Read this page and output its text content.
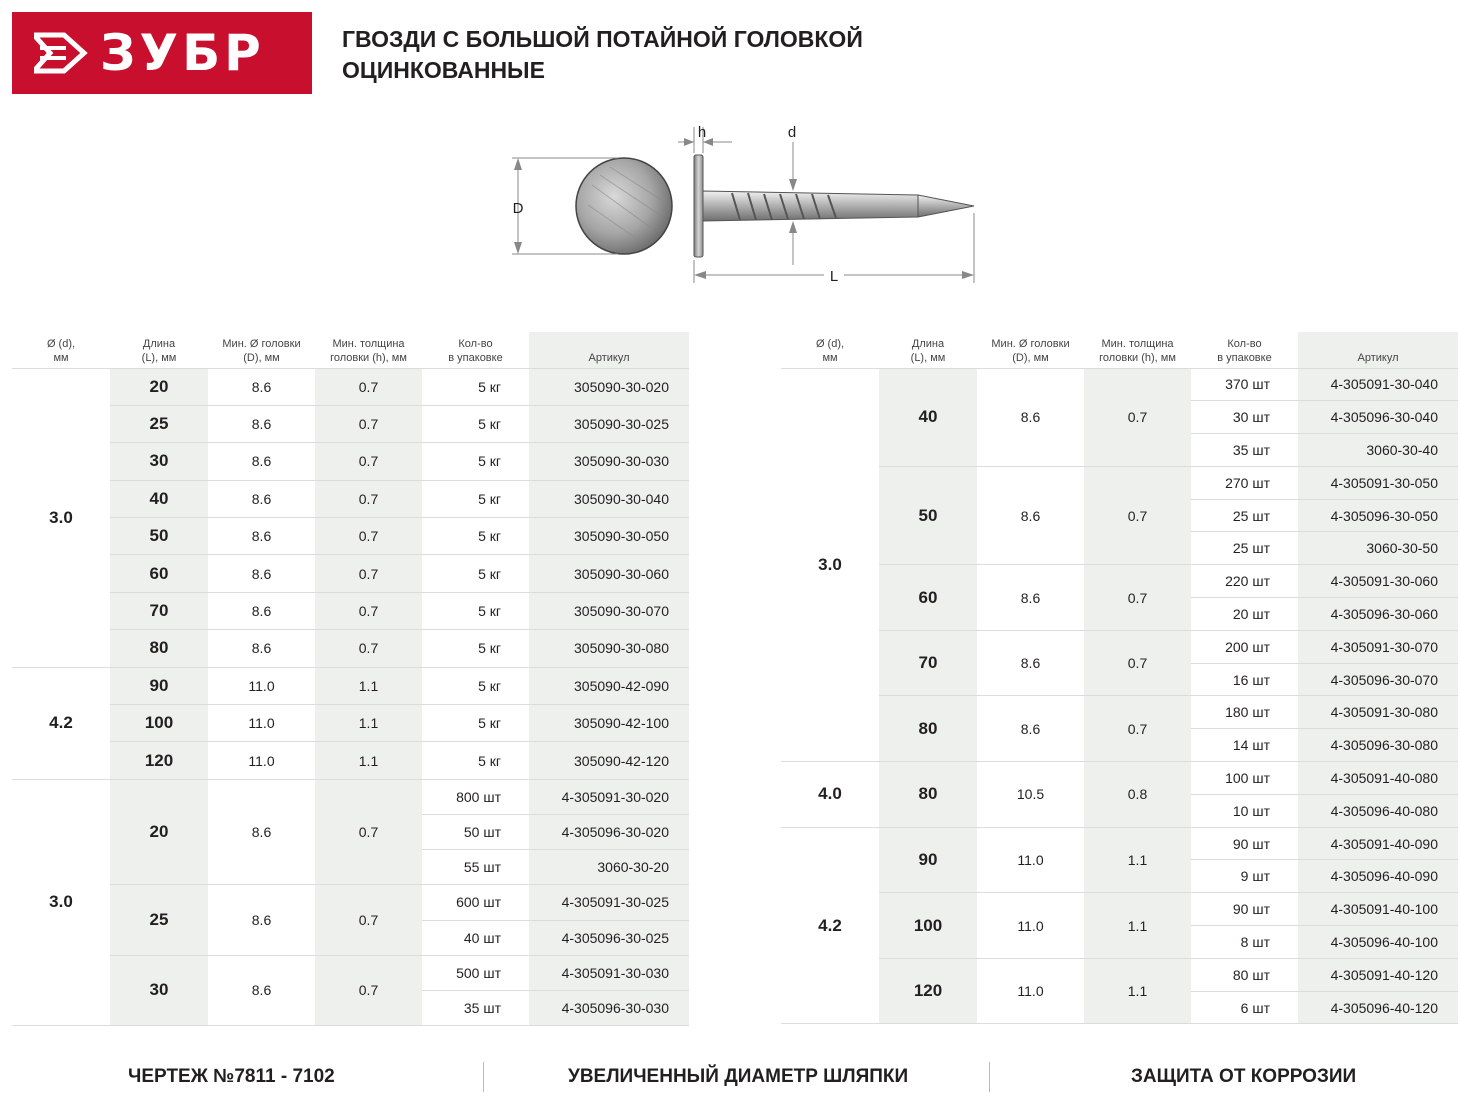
ЗУБР	ГВОЗДИ С БОЛЬШОЙ ПОТАЙНОЙ ГОЛОВКОЙ
ОЦИНКОВАННЫЕ
D
h	d
L
Ø (d),
мм	Длина
(L), мм	Мин. Ø головки
(D), мм	Мин. толщина
головки (h), мм	Кол-во
в упаковке	Артикул
3.0	20	8.6	0.7	5 кг	305090-30-020
	25	8.6	0.7	5 кг	305090-30-025
	30	8.6	0.7	5 кг	305090-30-030
	40	8.6	0.7	5 кг	305090-30-040
	50	8.6	0.7	5 кг	305090-30-050
	60	8.6	0.7	5 кг	305090-30-060
	70	8.6	0.7	5 кг	305090-30-070
	80	8.6	0.7	5 кг	305090-30-080
4.2	90	11.0	1.1	5 кг	305090-42-090
	100	11.0	1.1	5 кг	305090-42-100
	120	11.0	1.1	5 кг	305090-42-120
3.0	20	8.6	0.7	800 шт	4-305091-30-020
				50 шт	4-305096-30-020
				55 шт	3060-30-20
	25	8.6	0.7	600 шт	4-305091-30-025
				40 шт	4-305096-30-025
	30	8.6	0.7	500 шт	4-305091-30-030
				35 шт	4-305096-30-030
Ø (d),
мм	Длина
(L), мм	Мин. Ø головки
(D), мм	Мин. толщина
головки (h), мм	Кол-во
в упаковке	Артикул
3.0	40	8.6	0.7	370 шт	4-305091-30-040
				30 шт	4-305096-30-040
				35 шт	3060-30-40
	50	8.6	0.7	270 шт	4-305091-30-050
				25 шт	4-305096-30-050
				25 шт	3060-30-50
	60	8.6	0.7	220 шт	4-305091-30-060
				20 шт	4-305096-30-060
	70	8.6	0.7	200 шт	4-305091-30-070
				16 шт	4-305096-30-070
	80	8.6	0.7	180 шт	4-305091-30-080
				14 шт	4-305096-30-080
4.0	80	10.5	0.8	100 шт	4-305091-40-080
				10 шт	4-305096-40-080
4.2	90	11.0	1.1	90 шт	4-305091-40-090
				9 шт	4-305096-40-090
	100	11.0	1.1	90 шт	4-305091-40-100
				8 шт	4-305096-40-100
	120	11.0	1.1	80 шт	4-305091-40-120
				6 шт	4-305096-40-120
ЧЕРТЕЖ №7811 - 7102	УВЕЛИЧЕННЫЙ ДИАМЕТР ШЛЯПКИ	ЗАЩИТА ОТ КОРРОЗИИ
